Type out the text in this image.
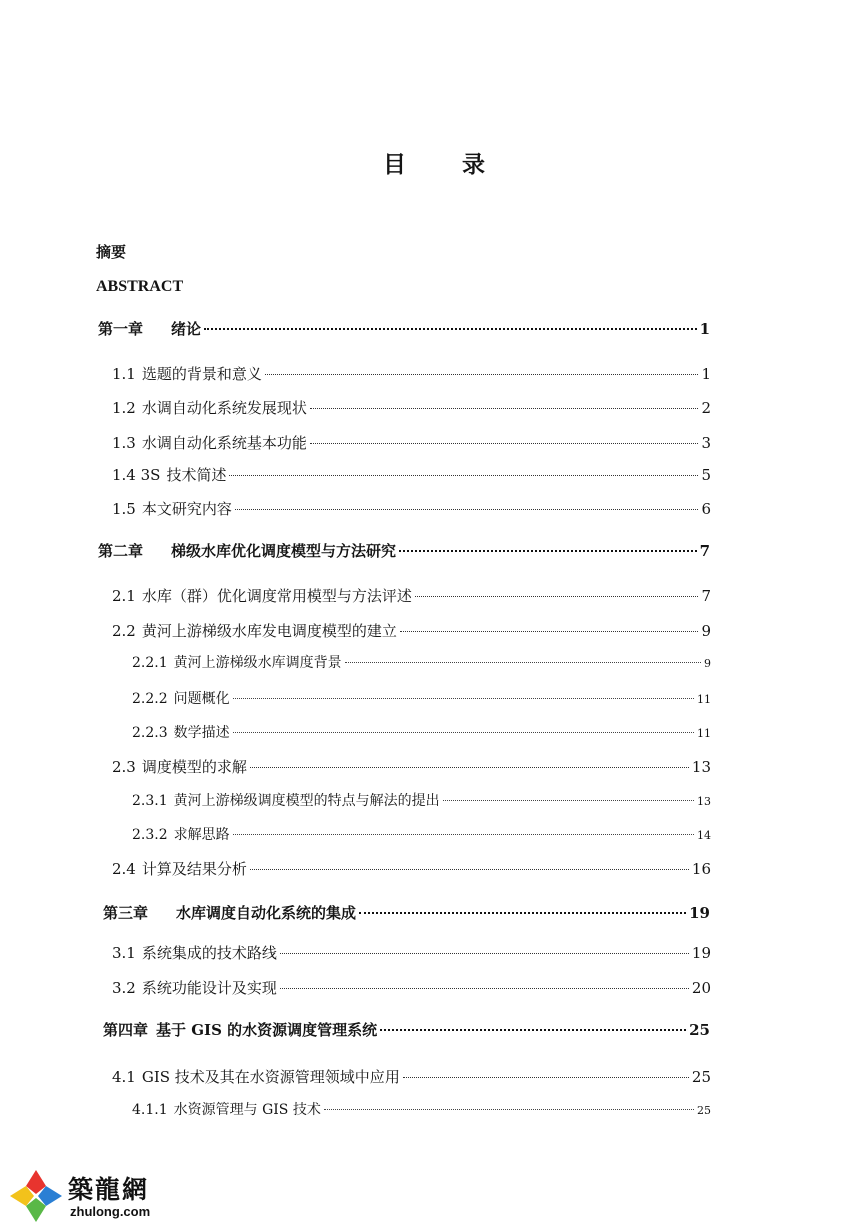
目 录
摘要
ABSTRACT
第一章 绪论	1
1.1 选题的背景和意义	1
1.2 水调自动化系统发展现状	2
1.3 水调自动化系统基本功能	3
1.4 3S 技术简述	5
1.5 本文研究内容	6
第二章 梯级水库优化调度模型与方法研究	7
2.1 水库（群）优化调度常用模型与方法评述	7
2.2 黄河上游梯级水库发电调度模型的建立	9
2.2.1 黄河上游梯级水库调度背景	9
2.2.2 问题概化	11
2.2.3 数学描述	11
2.3 调度模型的求解	13
2.3.1 黄河上游梯级调度模型的特点与解法的提出	13
2.3.2 求解思路	14
2.4 计算及结果分析	16
第三章 水库调度自动化系统的集成	19
3.1 系统集成的技术路线	19
3.2 系统功能设计及实现	20
第四章 基于 GIS 的水资源调度管理系统	25
4.1 GIS 技术及其在水资源管理领域中应用	25
4.1.1 水资源管理与 GIS 技术	25
築龍網
zhulong.com
